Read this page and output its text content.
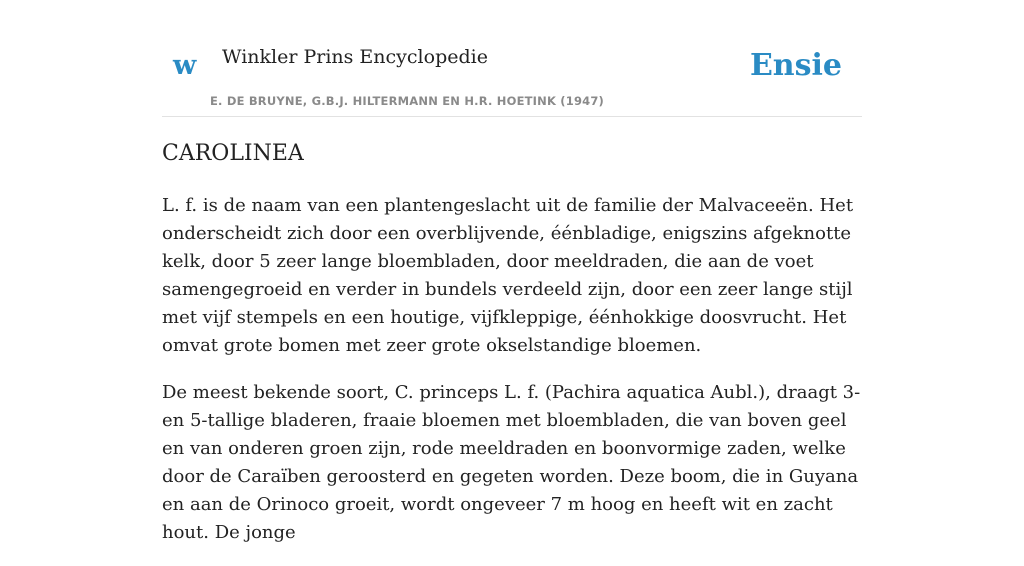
w Winkler Prins Encyclopedie
E. DE BRUYNE, G.B.J. HILTERMANN EN H.R. HOETINK (1947)
Ensie
CAROLINEA

L. f. is de naam van een plantengeslacht uit de familie der Malvaceeën. Het onderscheidt zich door een overblijvende, éénbladige, enigszins afgeknotte kelk, door 5 zeer lange bloembladen, door meeldraden, die aan de voet samengegroeid en verder in bundels verdeeld zijn, door een zeer lange stijl met vijf stempels en een houtige, vijfkleppige, éénhokkige doosvrucht. Het omvat grote bomen met zeer grote okselstandige bloemen.

De meest bekende soort, C. princeps L. f. (Pachira aquatica Aubl.), draagt 3- en 5-tallige bladeren, fraaie bloemen met bloembladen, die van boven geel en van onderen groen zijn, rode meeldraden en boonvormige zaden, welke door de Caraïben geroosterd en gegeten worden. Deze boom, die in Guyana en aan de Orinoco groeit, wordt ongeveer 7 m hoog en heeft wit en zacht hout. De jonge
